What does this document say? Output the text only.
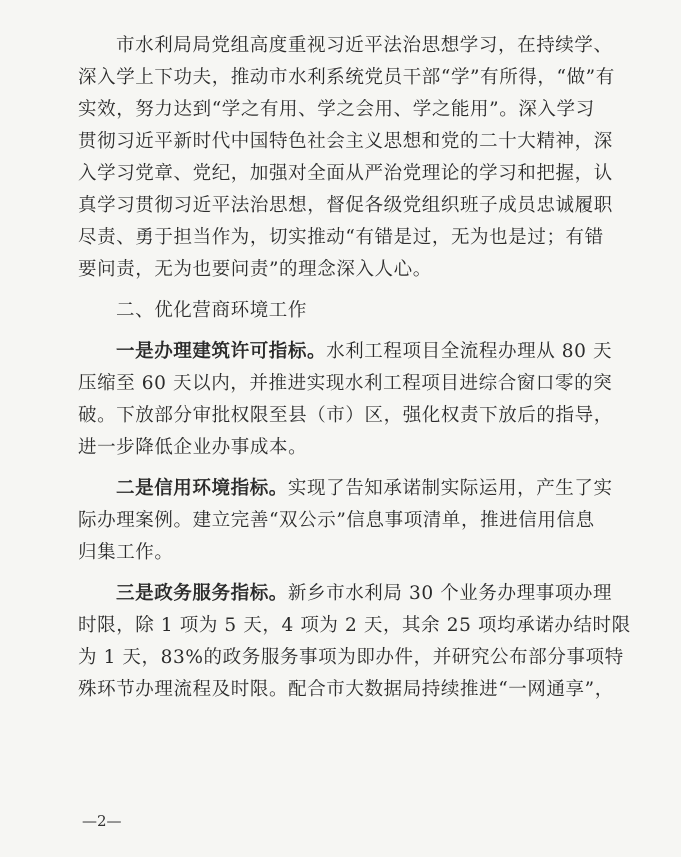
市水利局局党组高度重视习近平法治思想学习，在持续学、
深入学上下功夫，推动市水利系统党员干部“学”有所得，“做”有
实效，努力达到“学之有用、学之会用、学之能用”。深入学习
贯彻习近平新时代中国特色社会主义思想和党的二十大精神，深
入学习党章、党纪，加强对全面从严治党理论的学习和把握，认
真学习贯彻习近平法治思想，督促各级党组织班子成员忠诚履职
尽责、勇于担当作为，切实推动“有错是过，无为也是过；有错
要问责，无为也要问责”的理念深入人心。
二、优化营商环境工作
一是办理建筑许可指标。水利工程项目全流程办理从 80 天
压缩至 60 天以内，并推进实现水利工程项目进综合窗口零的突
破。下放部分审批权限至县（市）区，强化权责下放后的指导，
进一步降低企业办事成本。
二是信用环境指标。实现了告知承诺制实际运用，产生了实
际办理案例。建立完善“双公示”信息事项清单，推进信用信息
归集工作。
三是政务服务指标。新乡市水利局 30 个业务办理事项办理
时限，除 1 项为 5 天，4 项为 2 天，其余 25 项均承诺办结时限
为 1 天，83%的政务服务事项为即办件，并研究公布部分事项特
殊环节办理流程及时限。配合市大数据局持续推进“一网通享”，
—2—
